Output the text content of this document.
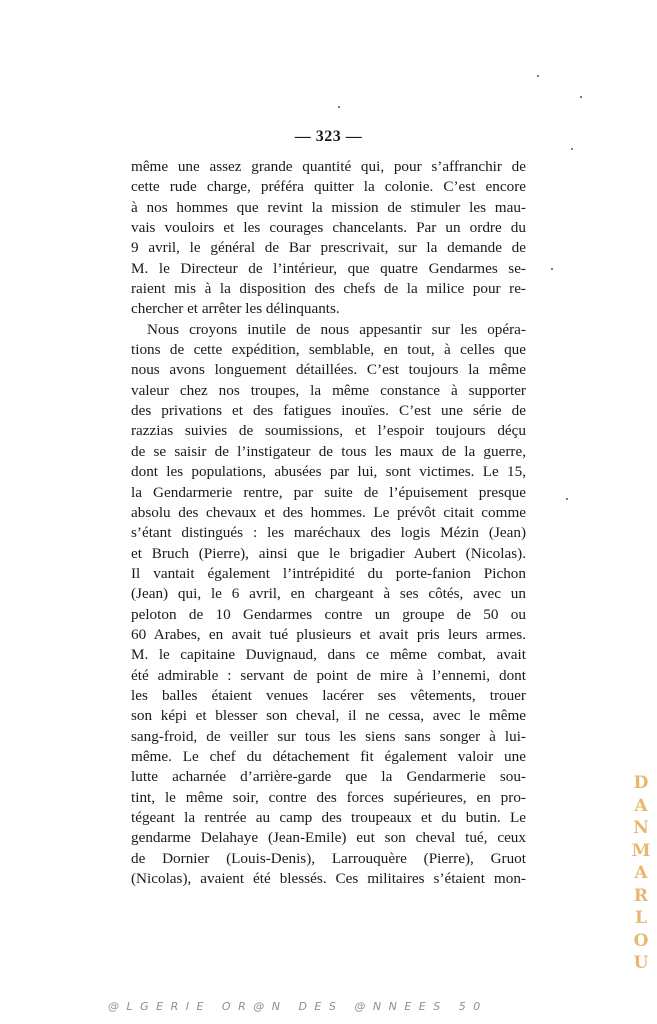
— 323 —
même une assez grande quantité qui, pour s’affranchir de
cette rude charge, préféra quitter la colonie. C’est encore
à nos hommes que revint la mission de stimuler les mau-
vais vouloirs et les courages chancelants. Par un ordre du
9 avril, le général de Bar prescrivait, sur la demande de
M. le Directeur de l’intérieur, que quatre Gendarmes se-
raient mis à la disposition des chefs de la milice pour re-
chercher et arrêter les délinquants.
Nous croyons inutile de nous appesantir sur les opéra-
tions de cette expédition, semblable, en tout, à celles que
nous avons longuement détaillées. C’est toujours la même
valeur chez nos troupes, la même constance à supporter
des privations et des fatigues inouïes. C’est une série de
razzias suivies de soumissions, et l’espoir toujours déçu
de se saisir de l’instigateur de tous les maux de la guerre,
dont les populations, abusées par lui, sont victimes. Le 15,
la Gendarmerie rentre, par suite de l’épuisement presque
absolu des chevaux et des hommes. Le prévôt citait comme
s’étant distingués : les maréchaux des logis Mézin (Jean)
et Bruch (Pierre), ainsi que le brigadier Aubert (Nicolas).
Il vantait également l’intrépidité du porte-fanion Pichon
(Jean) qui, le 6 avril, en chargeant à ses côtés, avec un
peloton de 10 Gendarmes contre un groupe de 50 ou
60 Arabes, en avait tué plusieurs et avait pris leurs armes.
M. le capitaine Duvignaud, dans ce même combat, avait
été admirable : servant de point de mire à l’ennemi, dont
les balles étaient venues lacérer ses vêtements, trouer
son képi et blesser son cheval, il ne cessa, avec le même
sang-froid, de veiller sur tous les siens sans songer à lui-
même. Le chef du détachement fit également valoir une
lutte acharnée d’arrière-garde que la Gendarmerie sou-
tint, le même soir, contre des forces supérieures, en pro-
tégeant la rentrée au camp des troupeaux et du butin. Le
gendarme Delahaye (Jean-Emile) eut son cheval tué, ceux
de Dornier (Louis-Denis), Larrouquère (Pierre), Gruot
(Nicolas), avaient été blessés. Ces militaires s’étaient mon-
D
A
N
M
A
R
L
O
U
@LGERIE OR@N DES @NNEES 50
